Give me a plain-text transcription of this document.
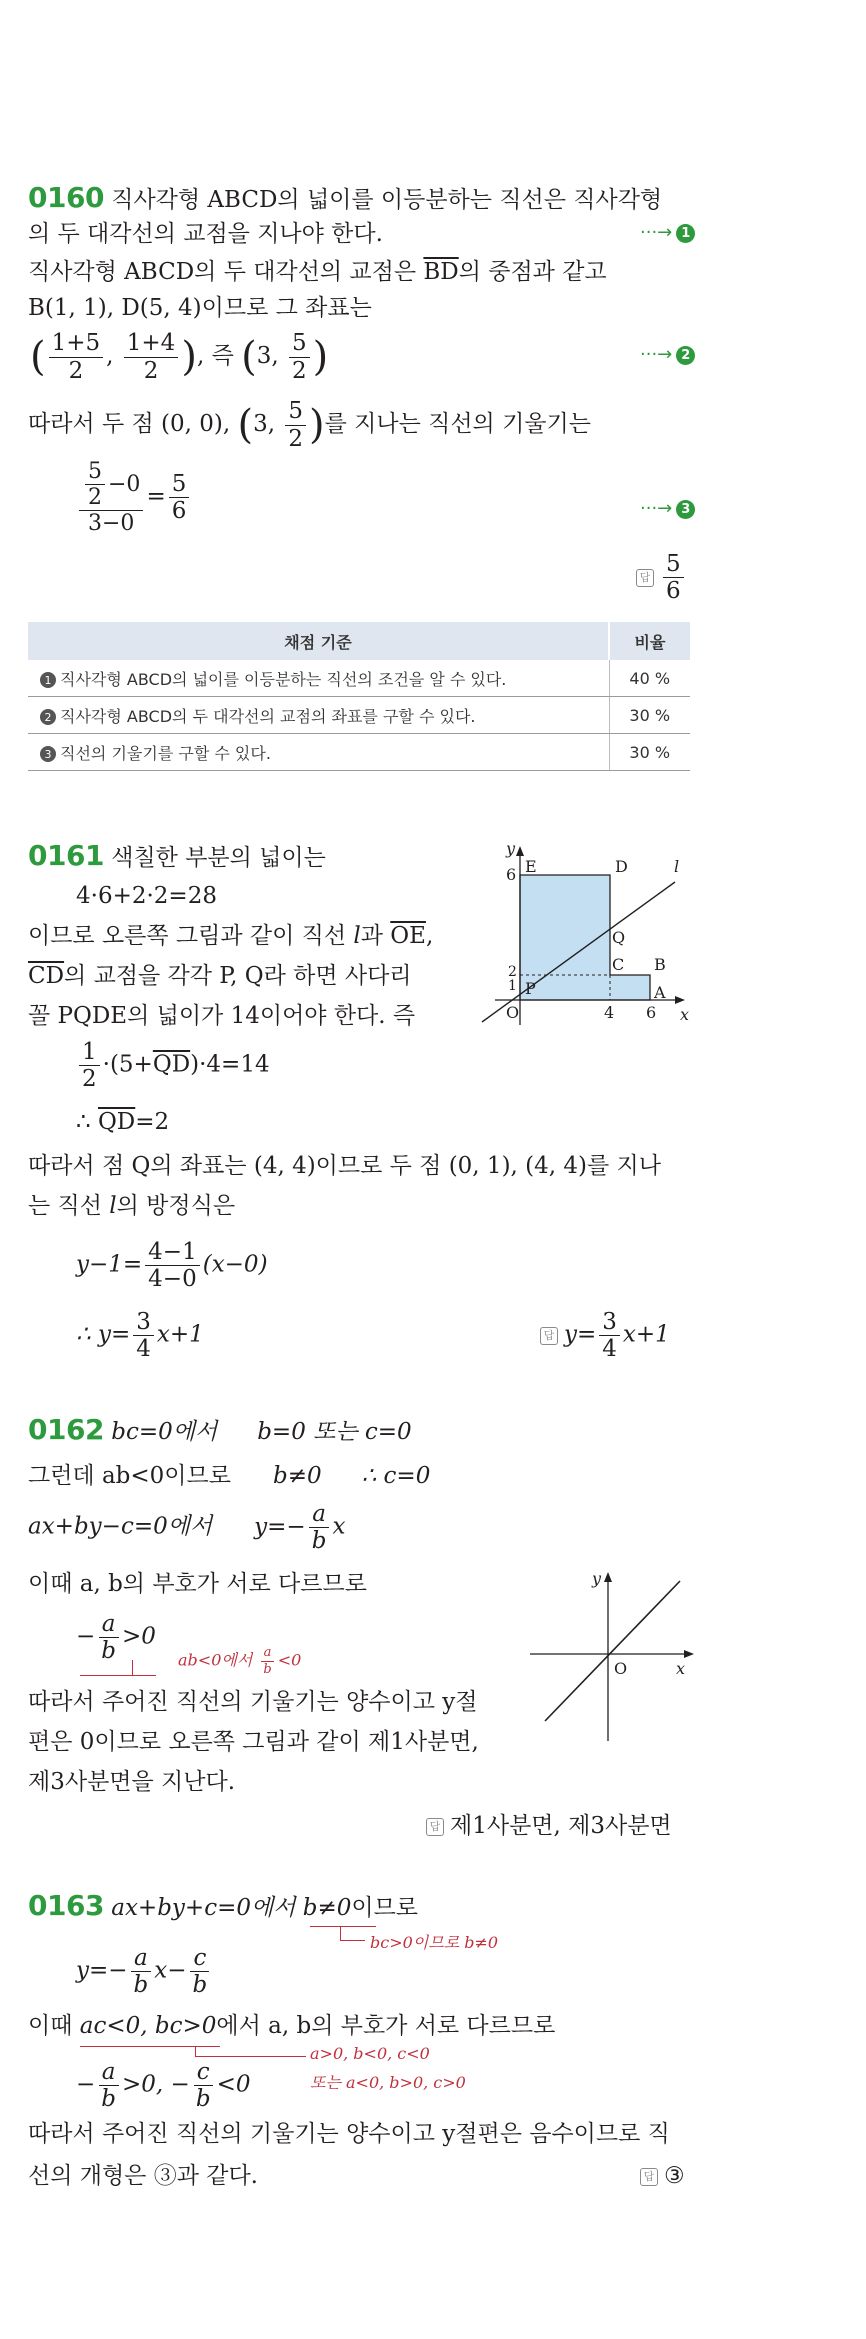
0160 직사각형 ABCD의 넓이를 이등분하는 직선은 직사각형
의 두 대각선의 교점을 지나야 한다.	···→ 1
직사각형 ABCD의 두 대각선의 교점은 $\overline{BD}$의 중점과 같고
B(1, 1), D(5, 4)이므로 그 좌표는
( $\frac{1+5}{2}$ , $\frac{1+4}{2}$ ), 즉 (3, $\frac{5}{2}$ )	···→ 2
따라서 두 점 (0, 0), (3, $\frac{5}{2}$ )를 지나는 직선의 기울기는
$\frac{\frac{5}{2} -0}{3-0} = \frac{5}{6}$	···→ 3
답 $\frac{5}{6}$
채점 기준	비율
1 직사각형 ABCD의 넓이를 이등분하는 직선의 조건을 알 수 있다.	40 %
2 직사각형 ABCD의 두 대각선의 교점의 좌표를 구할 수 있다.	30 %
3 직선의 기울기를 구할 수 있다.	30 %
0161 색칠한 부분의 넓이는
4·6+2·2=28
이므로 오른쪽 그림과 같이 직선 l과 $\overline{OE}$,
$\overline{CD}$의 교점을 각각 P, Q라 하면 사다리
꼴 PQDE의 넓이가 14이어야 한다. 즉
$\frac{1}{2} \cdot(5+\overline{QD})\cdot 4=14$
∴ $\overline{QD}=2$
따라서 점 Q의 좌표는 (4, 4)이므로 두 점 (0, 1), (4, 4)를 지나
는 직선 l의 방정식은
$y-1= \frac{4-1}{4-0} (x-0)$
∴ $y= \frac{3}{4} x+1$	답 $y= \frac{3}{4} x+1$
y
x
O
6
2
1
4 6
E	D
Q
C B
A
P
l
0162 bc=0에서 b=0 또는 c=0
그런데 ab<0이므로 b≠0 ∴ c=0
ax+by−c=0에서 $y=- \frac{a}{b}$ x
이때 a, b의 부호가 서로 다르므로
− $\frac{a}{b} >0$
ab<0에서 $\frac{a}{b} <0$
따라서 주어진 직선의 기울기는 양수이고 y절
편은 0이므로 오른쪽 그림과 같이 제1사분면,
제3사분면을 지난다.
답 제1사분면, 제3사분면
y
x
O
0163 ax+by+c=0에서 b≠0이므로
bc>0이므로 b≠0
$y=- \frac{a}{b} x- \frac{c}{b}$
이때 ac<0, bc>0에서 a, b의 부호가 서로 다르므로
a>0, b<0, c<0
− $\frac{a}{b} >0$, − $\frac{c}{b} <0$	또는 a<0, b>0, c>0
따라서 주어진 직선의 기울기는 양수이고 y절편은 음수이므로 직
선의 개형은 ③과 같다.	답 ③
